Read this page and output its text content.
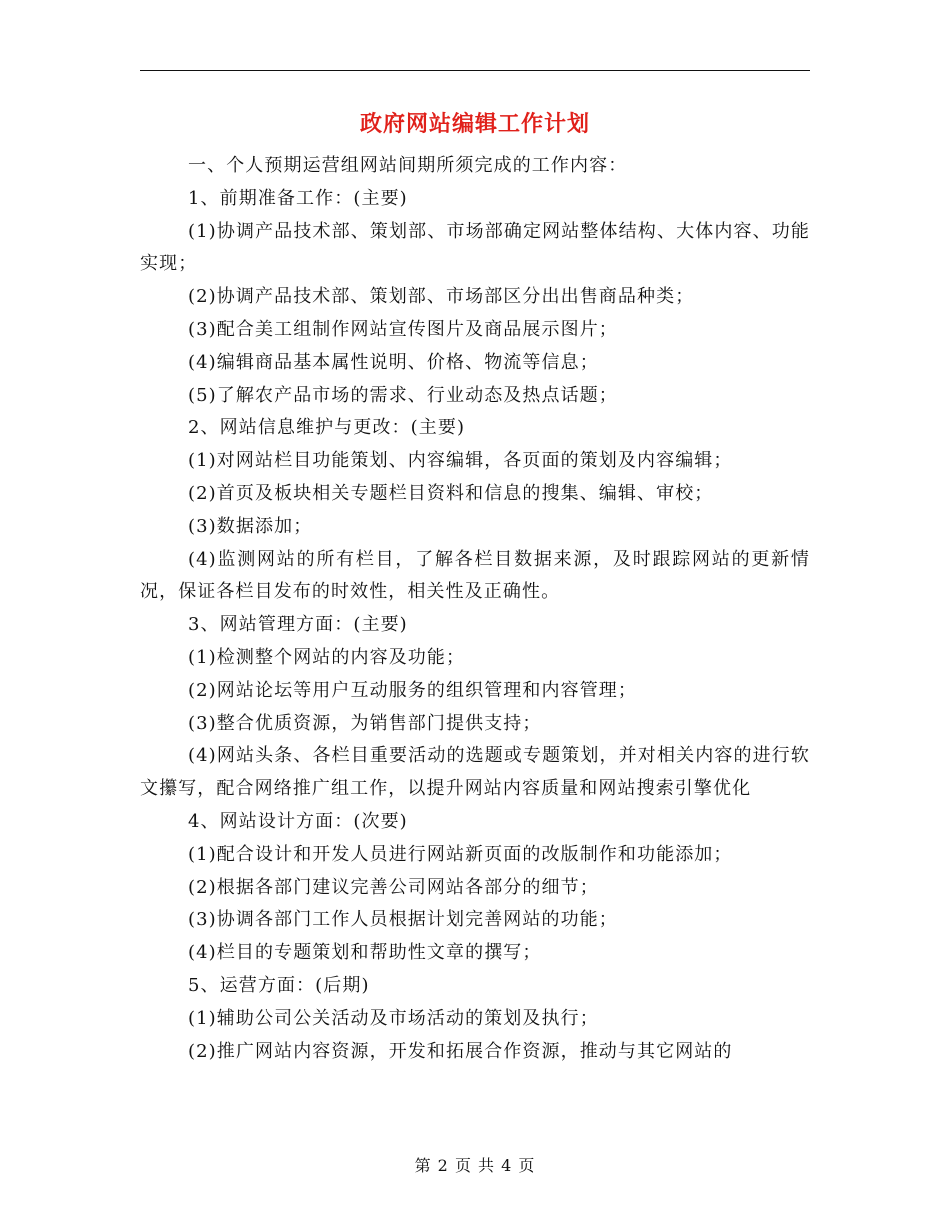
政府网站编辑工作计划

一、个人预期运营组网站间期所须完成的工作内容：

1、前期准备工作：(主要)

(1)协调产品技术部、策划部、市场部确定网站整体结构、大体内容、功能实现；

(2)协调产品技术部、策划部、市场部区分出出售商品种类；

(3)配合美工组制作网站宣传图片及商品展示图片；

(4)编辑商品基本属性说明、价格、物流等信息；

(5)了解农产品市场的需求、行业动态及热点话题；

2、网站信息维护与更改：(主要)

(1)对网站栏目功能策划、内容编辑，各页面的策划及内容编辑；

(2)首页及板块相关专题栏目资料和信息的搜集、编辑、审校；

(3)数据添加；

(4)监测网站的所有栏目，了解各栏目数据来源，及时跟踪网站的更新情况，保证各栏目发布的时效性，相关性及正确性。

3、网站管理方面：(主要)

(1)检测整个网站的内容及功能；

(2)网站论坛等用户互动服务的组织管理和内容管理；

(3)整合优质资源，为销售部门提供支持；

(4)网站头条、各栏目重要活动的选题或专题策划，并对相关内容的进行软文攥写，配合网络推广组工作，以提升网站内容质量和网站搜索引擎优化

4、网站设计方面：(次要)

(1)配合设计和开发人员进行网站新页面的改版制作和功能添加；

(2)根据各部门建议完善公司网站各部分的细节；

(3)协调各部门工作人员根据计划完善网站的功能；

(4)栏目的专题策划和帮助性文章的撰写；

5、运营方面：(后期)

(1)辅助公司公关活动及市场活动的策划及执行；

(2)推广网站内容资源，开发和拓展合作资源，推动与其它网站的

第 2 页 共 4 页
